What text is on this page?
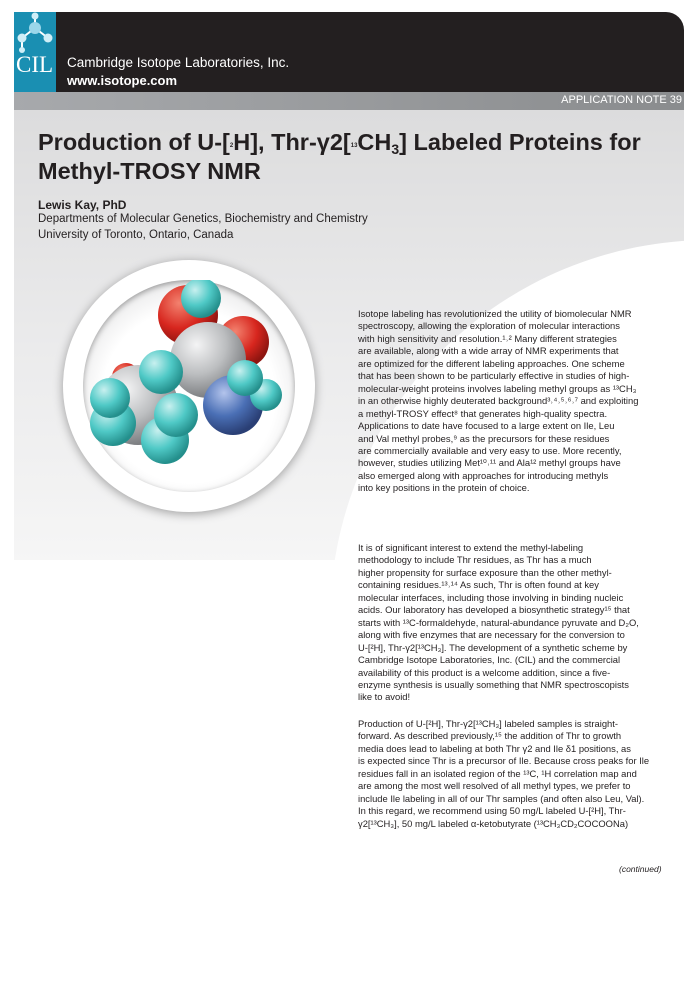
CIL Cambridge Isotope Laboratories, Inc.
www.isotope.com
APPLICATION NOTE 39
Production of U-[$^2$H], Thr-$\gamma 2[^{13}CH_3]$ Labeled Proteins for
Methyl-TROSY NMR
Lewis Kay, PhD
Departments of Molecular Genetics, Biochemistry and Chemistry
University of Toronto, Ontario, Canada
Isotope labeling has revolutionized the utility of biomolecular NMR
spectroscopy, allowing the exploration of molecular interactions
with high sensitivity and resolution.¹˒² Many different strategies
are available, along with a wide array of NMR experiments that
are optimized for the different labeling approaches. One scheme
that has been shown to be particularly effective in studies of high-
molecular-weight proteins involves labeling methyl groups as ¹³CH₃
in an otherwise highly deuterated background³˒⁴˒⁵˒⁶˒⁷ and exploiting
a methyl-TROSY effect⁸ that generates high-quality spectra.
Applications to date have focused to a large extent on Ile, Leu
and Val methyl probes,⁹ as the precursors for these residues
are commercially available and very easy to use. More recently,
however, studies utilizing Met¹⁰˒¹¹ and Ala¹² methyl groups have
also emerged along with approaches for introducing methyls
into key positions in the protein of choice.
It is of significant interest to extend the methyl-labeling
methodology to include Thr residues, as Thr has a much
higher propensity for surface exposure than the other methyl-
containing residues.¹³˒¹⁴ As such, Thr is often found at key
molecular interfaces, including those involving in binding nucleic
acids. Our laboratory has developed a biosynthetic strategy¹⁵ that
starts with ¹³C-formaldehyde, natural-abundance pyruvate and D₂O,
along with five enzymes that are necessary for the conversion to
U-[²H], Thr-γ2[¹³CH₃]. The development of a synthetic scheme by
Cambridge Isotope Laboratories, Inc. (CIL) and the commercial
availability of this product is a welcome addition, since a five-
enzyme synthesis is usually something that NMR spectroscopists
like to avoid!
Production of U-[²H], Thr-γ2[¹³CH₃] labeled samples is straight-
forward. As described previously,¹⁵ the addition of Thr to growth
media does lead to labeling at both Thr γ2 and Ile δ1 positions, as
is expected since Thr is a precursor of Ile. Because cross peaks for Ile
residues fall in an isolated region of the ¹³C, ¹H correlation map and
are among the most well resolved of all methyl types, we prefer to
include Ile labeling in all of our Thr samples (and often also Leu, Val).
In this regard, we recommend using 50 mg/L labeled U-[²H], Thr-
γ2[¹³CH₃], 50 mg/L labeled α-ketobutyrate (¹³CH₃CD₂COCOONa)
(continued)
